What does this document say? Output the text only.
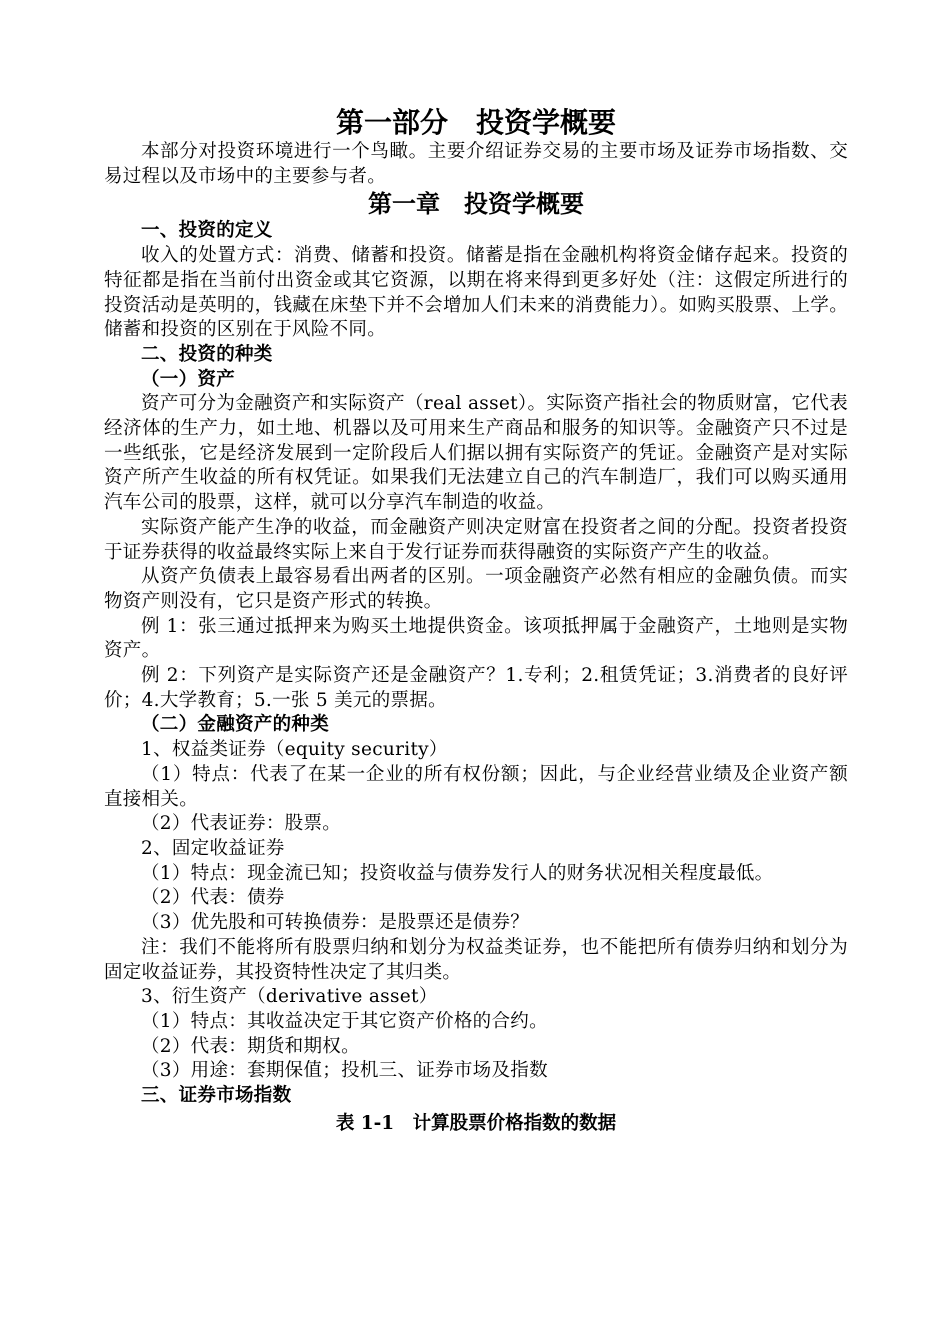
第一部分　投资学概要

本部分对投资环境进行一个鸟瞰。主要介绍证券交易的主要市场及证券市场指数、交易过程以及市场中的主要参与者。

第一章　投资学概要

一、投资的定义

收入的处置方式：消费、储蓄和投资。储蓄是指在金融机构将资金储存起来。投资的特征都是指在当前付出资金或其它资源，以期在将来得到更多好处（注：这假定所进行的投资活动是英明的，钱藏在床垫下并不会增加人们未来的消费能力）。如购买股票、上学。储蓄和投资的区别在于风险不同。

二、投资的种类

（一）资产

资产可分为金融资产和实际资产（real asset）。实际资产指社会的物质财富，它代表经济体的生产力，如土地、机器以及可用来生产商品和服务的知识等。金融资产只不过是一些纸张，它是经济发展到一定阶段后人们据以拥有实际资产的凭证。金融资产是对实际资产所产生收益的所有权凭证。如果我们无法建立自己的汽车制造厂，我们可以购买通用汽车公司的股票，这样，就可以分享汽车制造的收益。

实际资产能产生净的收益，而金融资产则决定财富在投资者之间的分配。投资者投资于证券获得的收益最终实际上来自于发行证券而获得融资的实际资产产生的收益。

从资产负债表上最容易看出两者的区别。一项金融资产必然有相应的金融负债。而实物资产则没有，它只是资产形式的转换。

例 1：张三通过抵押来为购买土地提供资金。该项抵押属于金融资产，土地则是实物资产。

例 2：下列资产是实际资产还是金融资产？1.专利；2.租赁凭证；3.消费者的良好评价；4.大学教育；5.一张 5 美元的票据。

（二）金融资产的种类

1、权益类证券（equity security）

（1）特点：代表了在某一企业的所有权份额；因此，与企业经营业绩及企业资产额直接相关。

（2）代表证券：股票。

2、固定收益证券

（1）特点：现金流已知；投资收益与债券发行人的财务状况相关程度最低。

（2）代表：债券

（3）优先股和可转换债券：是股票还是债券？

注：我们不能将所有股票归纳和划分为权益类证券，也不能把所有债券归纳和划分为固定收益证券，其投资特性决定了其归类。

3、衍生资产（derivative asset）

（1）特点：其收益决定于其它资产价格的合约。

（2）代表：期货和期权。

（3）用途：套期保值；投机三、证券市场及指数

三、证券市场指数

表 1-1　计算股票价格指数的数据
